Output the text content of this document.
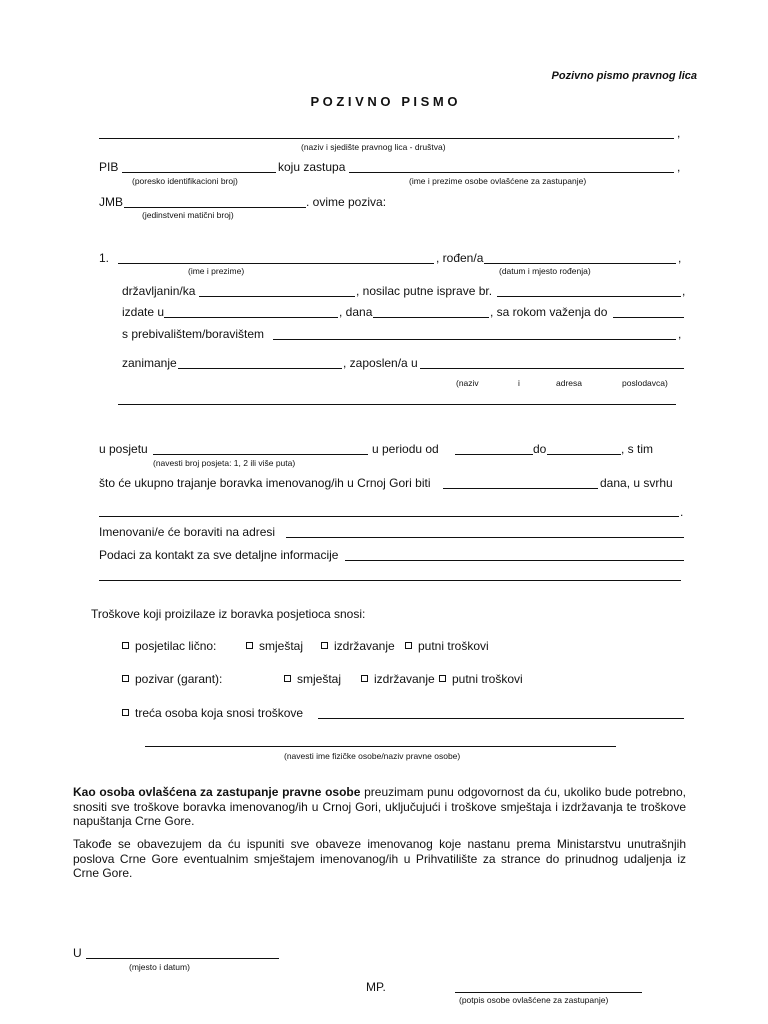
Pozivno pismo pravnog lica
P O Z I V N O   P I S M O
,
(naziv i sjedište pravnog lica - društva)
PIB	koju zastupa	,
(poresko identifikacioni broj)	(ime i prezime osobe ovlašćene za zastupanje)
JMB	. ovime poziva:
(jedinstveni matični broj)
1.	, rođen/a	,
(ime i prezime)	(datum i mjesto rođenja)
državljanin/ka	, nosilac putne isprave br.	,
izdate u	, dana	, sa rokom važenja do
s prebivalištem/boravištem	,
zanimanje	, zaposlen/a u
(naziv	i	adresa	poslodavca)
u posjetu	u periodu od	do	, s tim
(navesti broj posjeta: 1, 2 ili više puta)
što će ukupno trajanje boravka imenovanog/ih u Crnoj Gori biti	dana, u svrhu
.
Imenovani/e će boraviti na adresi
Podaci za kontakt za sve detaljne informacije
Troškove koji proizilaze iz boravka posjetioca snosi:
posjetilac lično:	smještaj	izdržavanje	putni troškovi
pozivar (garant):	smještaj	izdržavanje	putni troškovi
treća osoba koja snosi troškove
(navesti ime fizičke osobe/naziv pravne osobe)
Kao osoba ovlašćena za zastupanje pravne osobe preuzimam punu odgovornost da ću, ukoliko bude potrebno, snositi sve troškove boravka imenovanog/ih u Crnoj Gori, uključujući i troškove smještaja i izdržavanja te troškove napuštanja Crne Gore.
Takođe se obavezujem da ću ispuniti sve obaveze imenovanog koje nastanu prema Ministarstvu unutrašnjih poslova Crne Gore eventualnim smještajem imenovanog/ih u Prihvatilište za strance do prinudnog udaljenja iz Crne Gore.
U
(mjesto i datum)
MP.
(potpis osobe ovlašćene za zastupanje)
